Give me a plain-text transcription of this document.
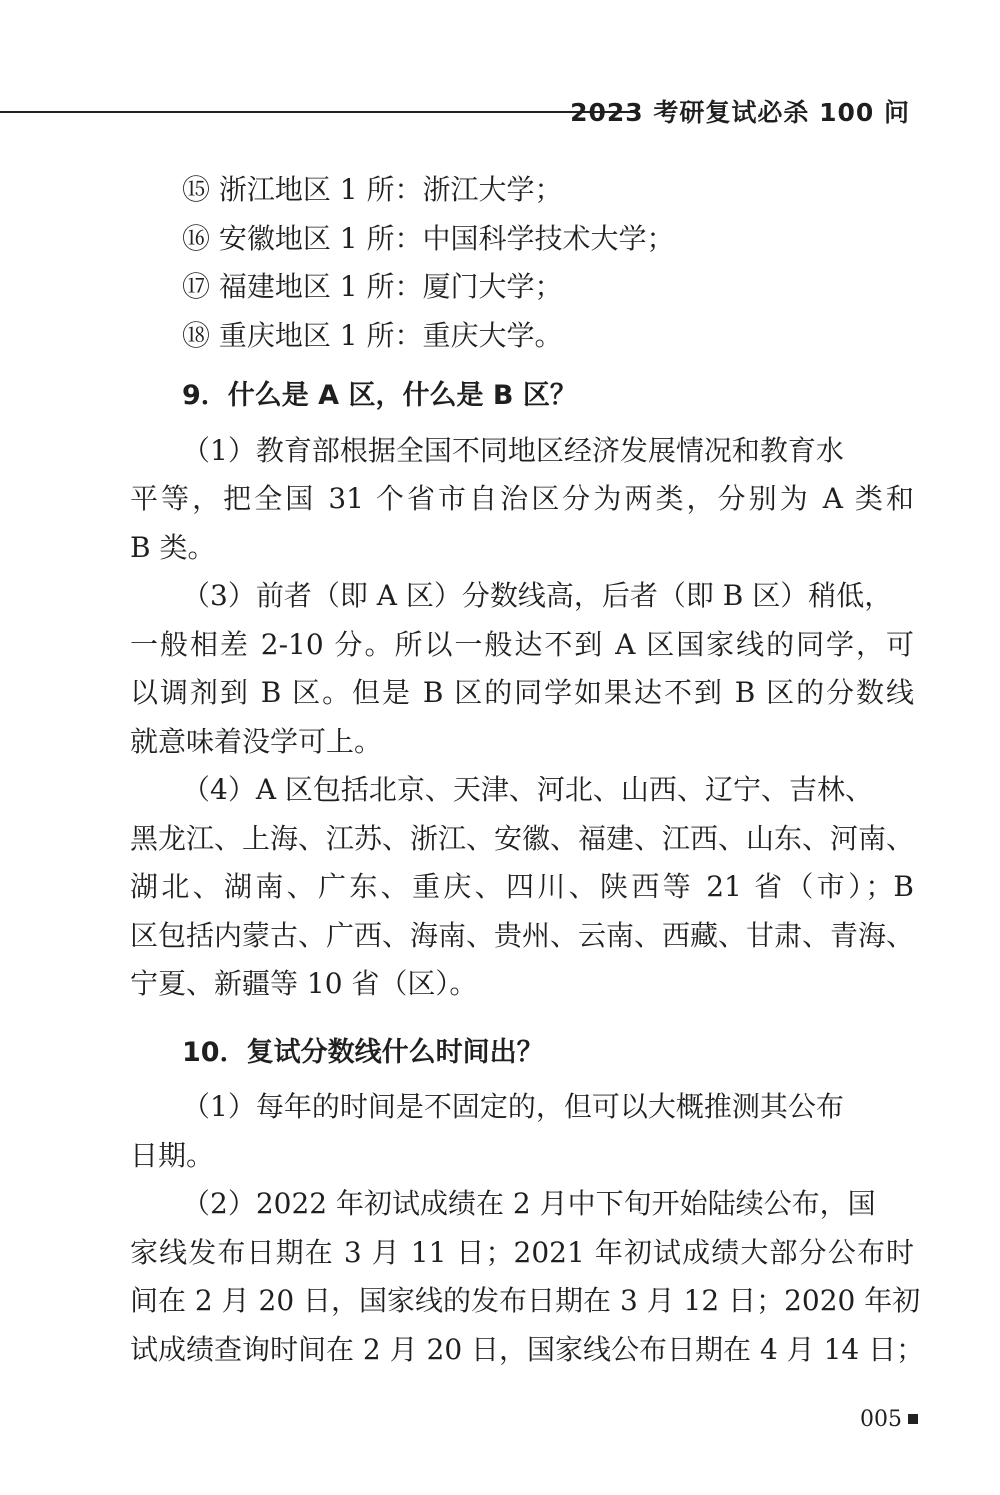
2023 考研复试必杀 100 问
⑮ 浙江地区 1 所：浙江大学；
⑯ 安徽地区 1 所：中国科学技术大学；
⑰ 福建地区 1 所：厦门大学；
⑱ 重庆地区 1 所：重庆大学。
9．什么是 A 区，什么是 B 区？

（1）教育部根据全国不同地区经济发展情况和教育水
平等，把全国 31 个省市自治区分为两类，分别为 A 类和
B 类。

（3）前者（即 A 区）分数线高，后者（即 B 区）稍低，
一般相差 2-10 分。所以一般达不到 A 区国家线的同学，可
以调剂到 B 区。但是 B 区的同学如果达不到 B 区的分数线
就意味着没学可上。

（4）A 区包括北京、天津、河北、山西、辽宁、吉林、
黑龙江、上海、江苏、浙江、安徽、福建、江西、山东、河南、
湖北、湖南、广东、重庆、四川、陕西等 21 省（市）；B
区包括内蒙古、广西、海南、贵州、云南、西藏、甘肃、青海、
宁夏、新疆等 10 省（区）。

10．复试分数线什么时间出？

（1）每年的时间是不固定的，但可以大概推测其公布
日期。

（2）2022 年初试成绩在 2 月中下旬开始陆续公布，国
家线发布日期在 3 月 11 日；2021 年初试成绩大部分公布时
间在 2 月 20 日，国家线的发布日期在 3 月 12 日；2020 年初
试成绩查询时间在 2 月 20 日，国家线公布日期在 4 月 14 日；

005
